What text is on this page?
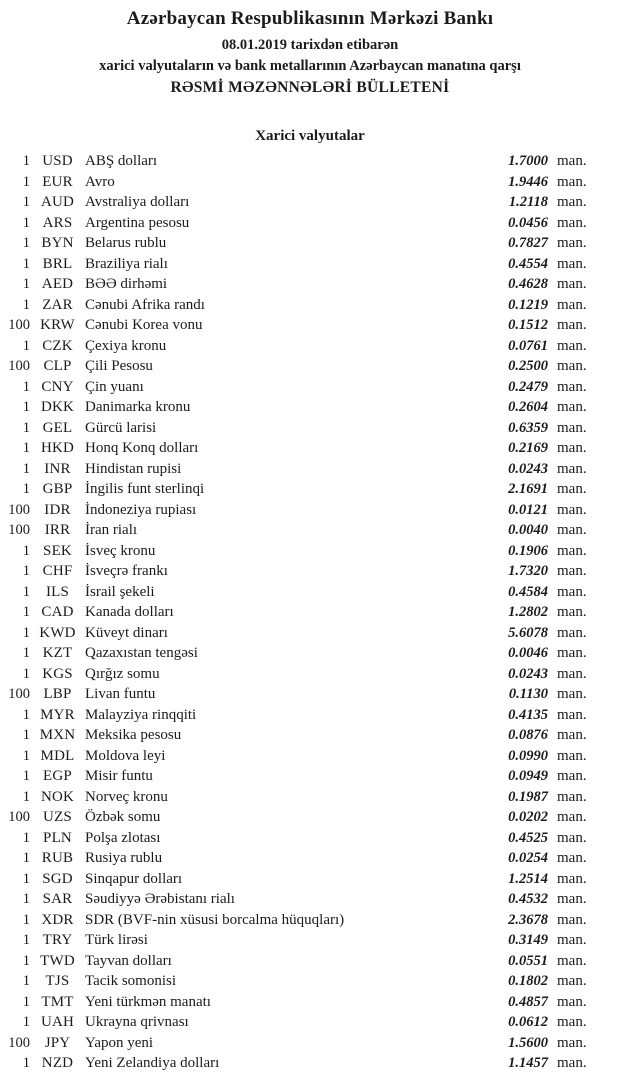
Azərbaycan Respublikasının Mərkəzi Bankı
08.01.2019 tarixdən etibarən
xarici valyutaların və bank metallarının Azərbaycan manatına qarşı
RƏSMİ MƏZƏNNƏLƏRİ BÜLLETENİ
Xarici valyutalar
1 USD ABŞ dolları	1.7000 man.
1 EUR Avro	1.9446 man.
1 AUD Avstraliya dolları	1.2118 man.
1 ARS Argentina pesosu	0.0456 man.
1 BYN Belarus rublu	0.7827 man.
1 BRL Braziliya rialı	0.4554 man.
1 AED BƏƏ dirhəmi	0.4628 man.
1 ZAR Cənubi Afrika randı	0.1219 man.
100 KRW Cənubi Korea vonu	0.1512 man.
1 CZK Çexiya kronu	0.0761 man.
100 CLP Çili Pesosu	0.2500 man.
1 CNY Çin yuanı	0.2479 man.
1 DKK Danimarka kronu	0.2604 man.
1 GEL Gürcü larisi	0.6359 man.
1 HKD Honq Konq dolları	0.2169 man.
1 INR Hindistan rupisi	0.0243 man.
1 GBP İngilis funt sterlinqi	2.1691 man.
100 IDR İndoneziya rupiası	0.0121 man.
100 IRR İran rialı	0.0040 man.
1 SEK İsveç kronu	0.1906 man.
1 CHF İsveçrə frankı	1.7320 man.
1	ILS	İsrail şekeli	0.4584 man.
1 CAD Kanada dolları	1.2802 man.
1 KWD Küveyt dinarı	5.6078 man.
1 KZT Qazaxıstan tengəsi	0.0046 man.
1 KGS Qırğız somu	0.0243 man.
100 LBP Livan funtu	0.1130 man.
1 MYR Malayziya rinqqiti	0.4135 man.
1 MXN Meksika pesosu	0.0876 man.
1 MDL Moldova leyi	0.0990 man.
1 EGP Misir funtu	0.0949 man.
1 NOK Norveç kronu	0.1987 man.
100 UZS Özbək somu	0.0202 man.
1 PLN Polşa zlotası	0.4525 man.
1 RUB Rusiya rublu	0.0254 man.
1 SGD Sinqapur dolları	1.2514 man.
1 SAR Səudiyyə Ərəbistanı rialı	0.4532 man.
1 XDR SDR (BVF-nin xüsusi borcalma hüquqları)	2.3678 man.
1 TRY Türk lirəsi	0.3149 man.
1 TWD Tayvan dolları	0.0551 man.
1	TJS	Tacik somonisi	0.1802 man.
1 TMT Yeni türkmən manatı	0.4857 man.
1 UAH Ukrayna qrivnası	0.0612 man.
100 JPY Yapon yeni	1.5600 man.
1 NZD Yeni Zelandiya dolları	1.1457 man.
